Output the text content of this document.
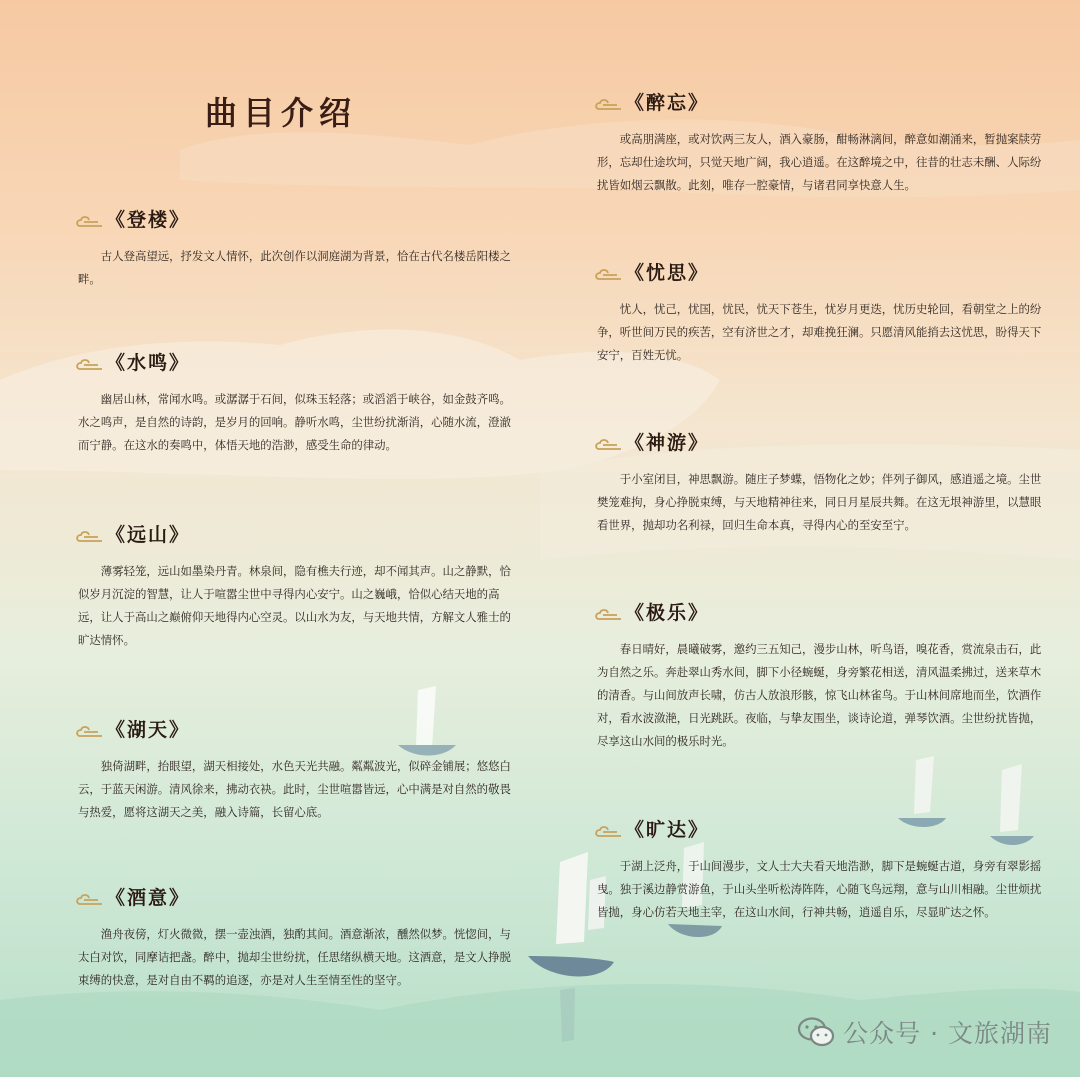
曲目介绍
《登楼》

古人登高望远，抒发文人情怀，此次创作以洞庭湖为背景，恰在古代名楼岳阳楼之畔。

《水鸣》

幽居山林，常闻水鸣。或潺潺于石间，似珠玉轻落；或滔滔于峡谷，如金鼓齐鸣。水之鸣声，是自然的诗韵，是岁月的回响。静听水鸣，尘世纷扰渐消，心随水流，澄澈而宁静。在这水的奏鸣中，体悟天地的浩渺，感受生命的律动。

《远山》

薄雾轻笼，远山如墨染丹青。林泉间，隐有樵夫行迹，却不闻其声。山之静默，恰似岁月沉淀的智慧，让人于喧嚣尘世中寻得内心安宁。山之巍峨，恰似心结天地的高远，让人于高山之巅俯仰天地得内心空灵。以山水为友，与天地共情，方解文人雅士的旷达情怀。

《湖天》

独倚湖畔，抬眼望，湖天相接处，水色天光共融。粼粼波光，似碎金铺展；悠悠白云，于蓝天闲游。清风徐来，拂动衣袂。此时，尘世喧嚣皆远，心中满是对自然的敬畏与热爱，愿将这湖天之美，融入诗篇，长留心底。

《酒意》

渔舟夜傍，灯火微微，摆一壶浊酒，独酌其间。酒意渐浓，醺然似梦。恍惚间，与太白对饮，同摩诘把盏。醉中，抛却尘世纷扰，任思绪纵横天地。这酒意，是文人挣脱束缚的快意，是对自由不羁的追逐，亦是对人生至情至性的坚守。

《醉忘》

或高朋满座，或对饮两三友人，酒入豪肠，酣畅淋漓间，醉意如潮涌来，暂抛案牍劳形，忘却仕途坎坷，只觉天地广阔，我心逍遥。在这醉境之中，往昔的壮志未酬、人际纷扰皆如烟云飘散。此刻，唯存一腔豪情，与诸君同享快意人生。

《忧思》

忧人，忧己，忧国，忧民，忧天下苍生，忧岁月更迭，忧历史轮回，看朝堂之上的纷争，听世间万民的疾苦，空有济世之才，却难挽狂澜。只愿清风能捎去这忧思，盼得天下安宁，百姓无忧。

《神游》

于小室闭目，神思飘游。随庄子梦蝶，悟物化之妙；伴列子御风，感逍遥之境。尘世樊笼难拘，身心挣脱束缚，与天地精神往来，同日月星辰共舞。在这无垠神游里，以慧眼看世界，抛却功名利禄，回归生命本真，寻得内心的至安至宁。

《极乐》

春日晴好，晨曦破雾，邀约三五知己，漫步山林，听鸟语，嗅花香，赏流泉击石，此为自然之乐。奔赴翠山秀水间，脚下小径蜿蜒，身旁繁花相送，清风温柔拂过，送来草木的清香。与山间放声长啸，仿古人放浪形骸，惊飞山林雀鸟。于山林间席地而坐，饮酒作对，看水波潋滟，日光跳跃。夜临，与挚友围坐，谈诗论道，弹琴饮酒。尘世纷扰皆抛，尽享这山水间的极乐时光。

《旷达》

于湖上泛舟，于山间漫步，文人士大夫看天地浩渺，脚下是蜿蜒古道，身旁有翠影摇曳。独于溪边静赏游鱼，于山头坐听松涛阵阵，心随飞鸟远翔，意与山川相融。尘世烦扰皆抛，身心仿若天地主宰，在这山水间，行神共畅，逍遥自乐，尽显旷达之怀。

公众号 · 文旅湖南
